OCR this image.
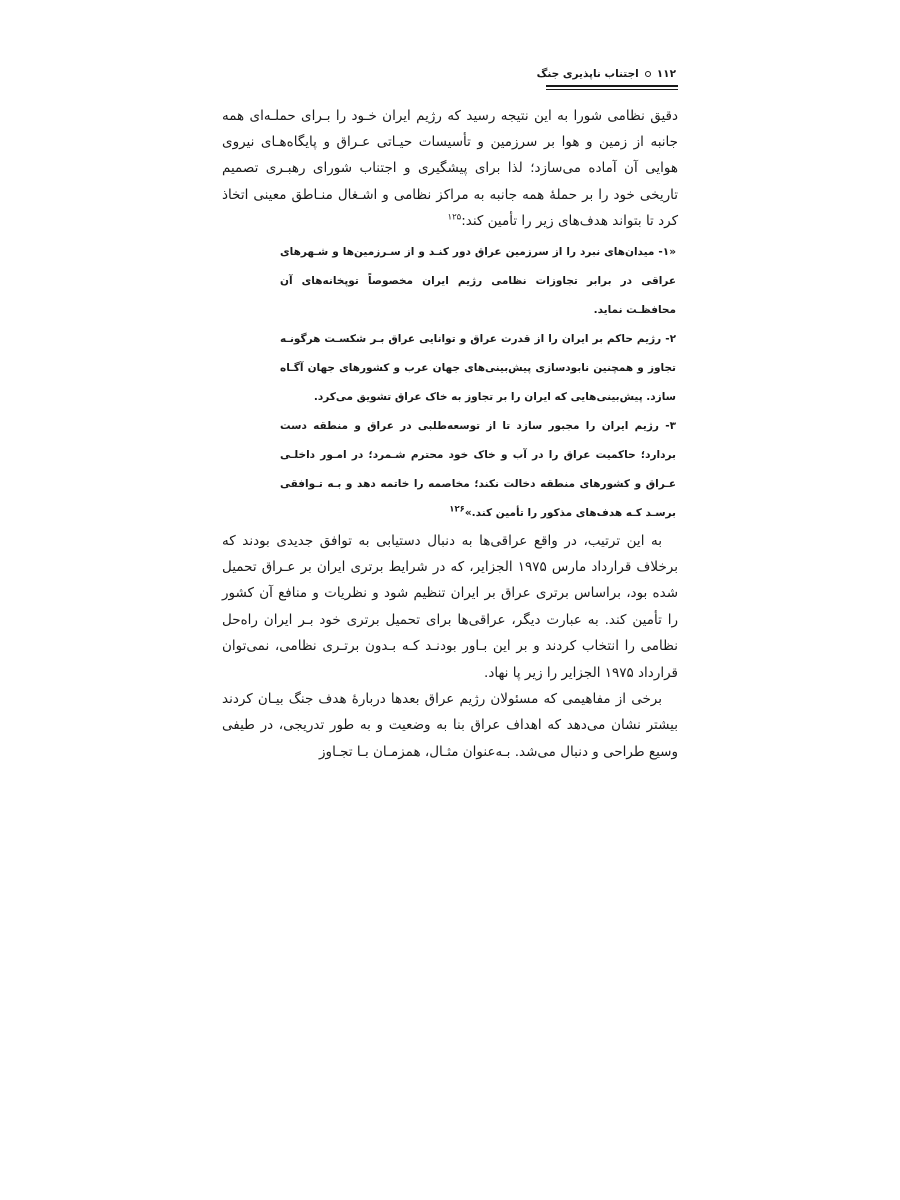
۱۱۲
اجتناب ناپذیری جنگ

دقیق نظامی شورا به این نتیجه رسید که رژیم ایران خـود را بـرای حملـه‌ای همه جانبه از زمین و هوا بر سرزمین و تأسیسات حیـاتی عـراق و پایگاه‌هـای نیروی هوایی آن آماده می‌سازد؛ لذا برای پیشگیری و اجتناب شورای رهبـری تصمیم تاریخی خود را بر حملهٔ همه جانبه به مراکز نظامی و اشـغال منـاطق معینی اتخاذ کرد تا بتواند هدف‌های زیر را تأمین کند:$^{۱۲۵}$

«۱- میدان‌های نبرد را از سرزمین عراق دور کنـد و از سـرزمین‌ها و شـهرهای عراقی در برابر تجاوزات نظامی رژیم ایران مخصوصاً توپخانه‌های آن محافظـت نماید.

۲- رژیم حاکم بر ایران را از قدرت عراق و توانایی عراق بـر شکسـت هرگونـه تجاوز و همچنین نابودسازی پیش‌بینی‌های جهان عرب و کشورهای جهان آگـاه سازد. پیش‌بینی‌هایی که ایران را بر تجاوز به خاک عراق تشویق می‌کرد.

۳- رژیم ایران را مجبور سازد تا از توسعه‌طلبی در عراق و منطقه دست بردارد؛ حاکمیت عراق را در آب و خاک خود محترم شـمرد؛ در امـور داخلـی عـراق و کشورهای منطقه دخالت نکند؛ مخاصمه را خاتمه دهد و بـه تـوافقی برسـد کـه هدف‌های مذکور را تأمین کند.»$^{۱۲۶}$

به این ترتیب، در واقع عراقی‌ها به دنبال دستیابی به توافق جدیدی بودند که برخلاف قرارداد مارس ۱۹۷۵ الجزایر، که در شرایط برتری ایران بر عـراق تحمیل شده بود، براساس برتری عراق بر ایران تنظیم شود و نظریات و منافع آن کشور را تأمین کند. به عبارت دیگر، عراقی‌ها برای تحمیل برتری خود بـر ایران راه‌حل نظامی را انتخاب کردند و بر این بـاور بودنـد کـه بـدون برتـری نظامی، نمی‌توان قرارداد ۱۹۷۵ الجزایر را زیر پا نهاد.

برخی از مفاهیمی که مسئولان رژیم عراق بعدها دربارهٔ هدف جنگ بیـان کردند بیشتر نشان می‌دهد که اهداف عراق بنا به وضعیت و به طور تدریجی، در طیفی وسیع طراحی و دنبال می‌شد. بـه‌عنوان مثـال، همزمـان بـا تجـاوز
